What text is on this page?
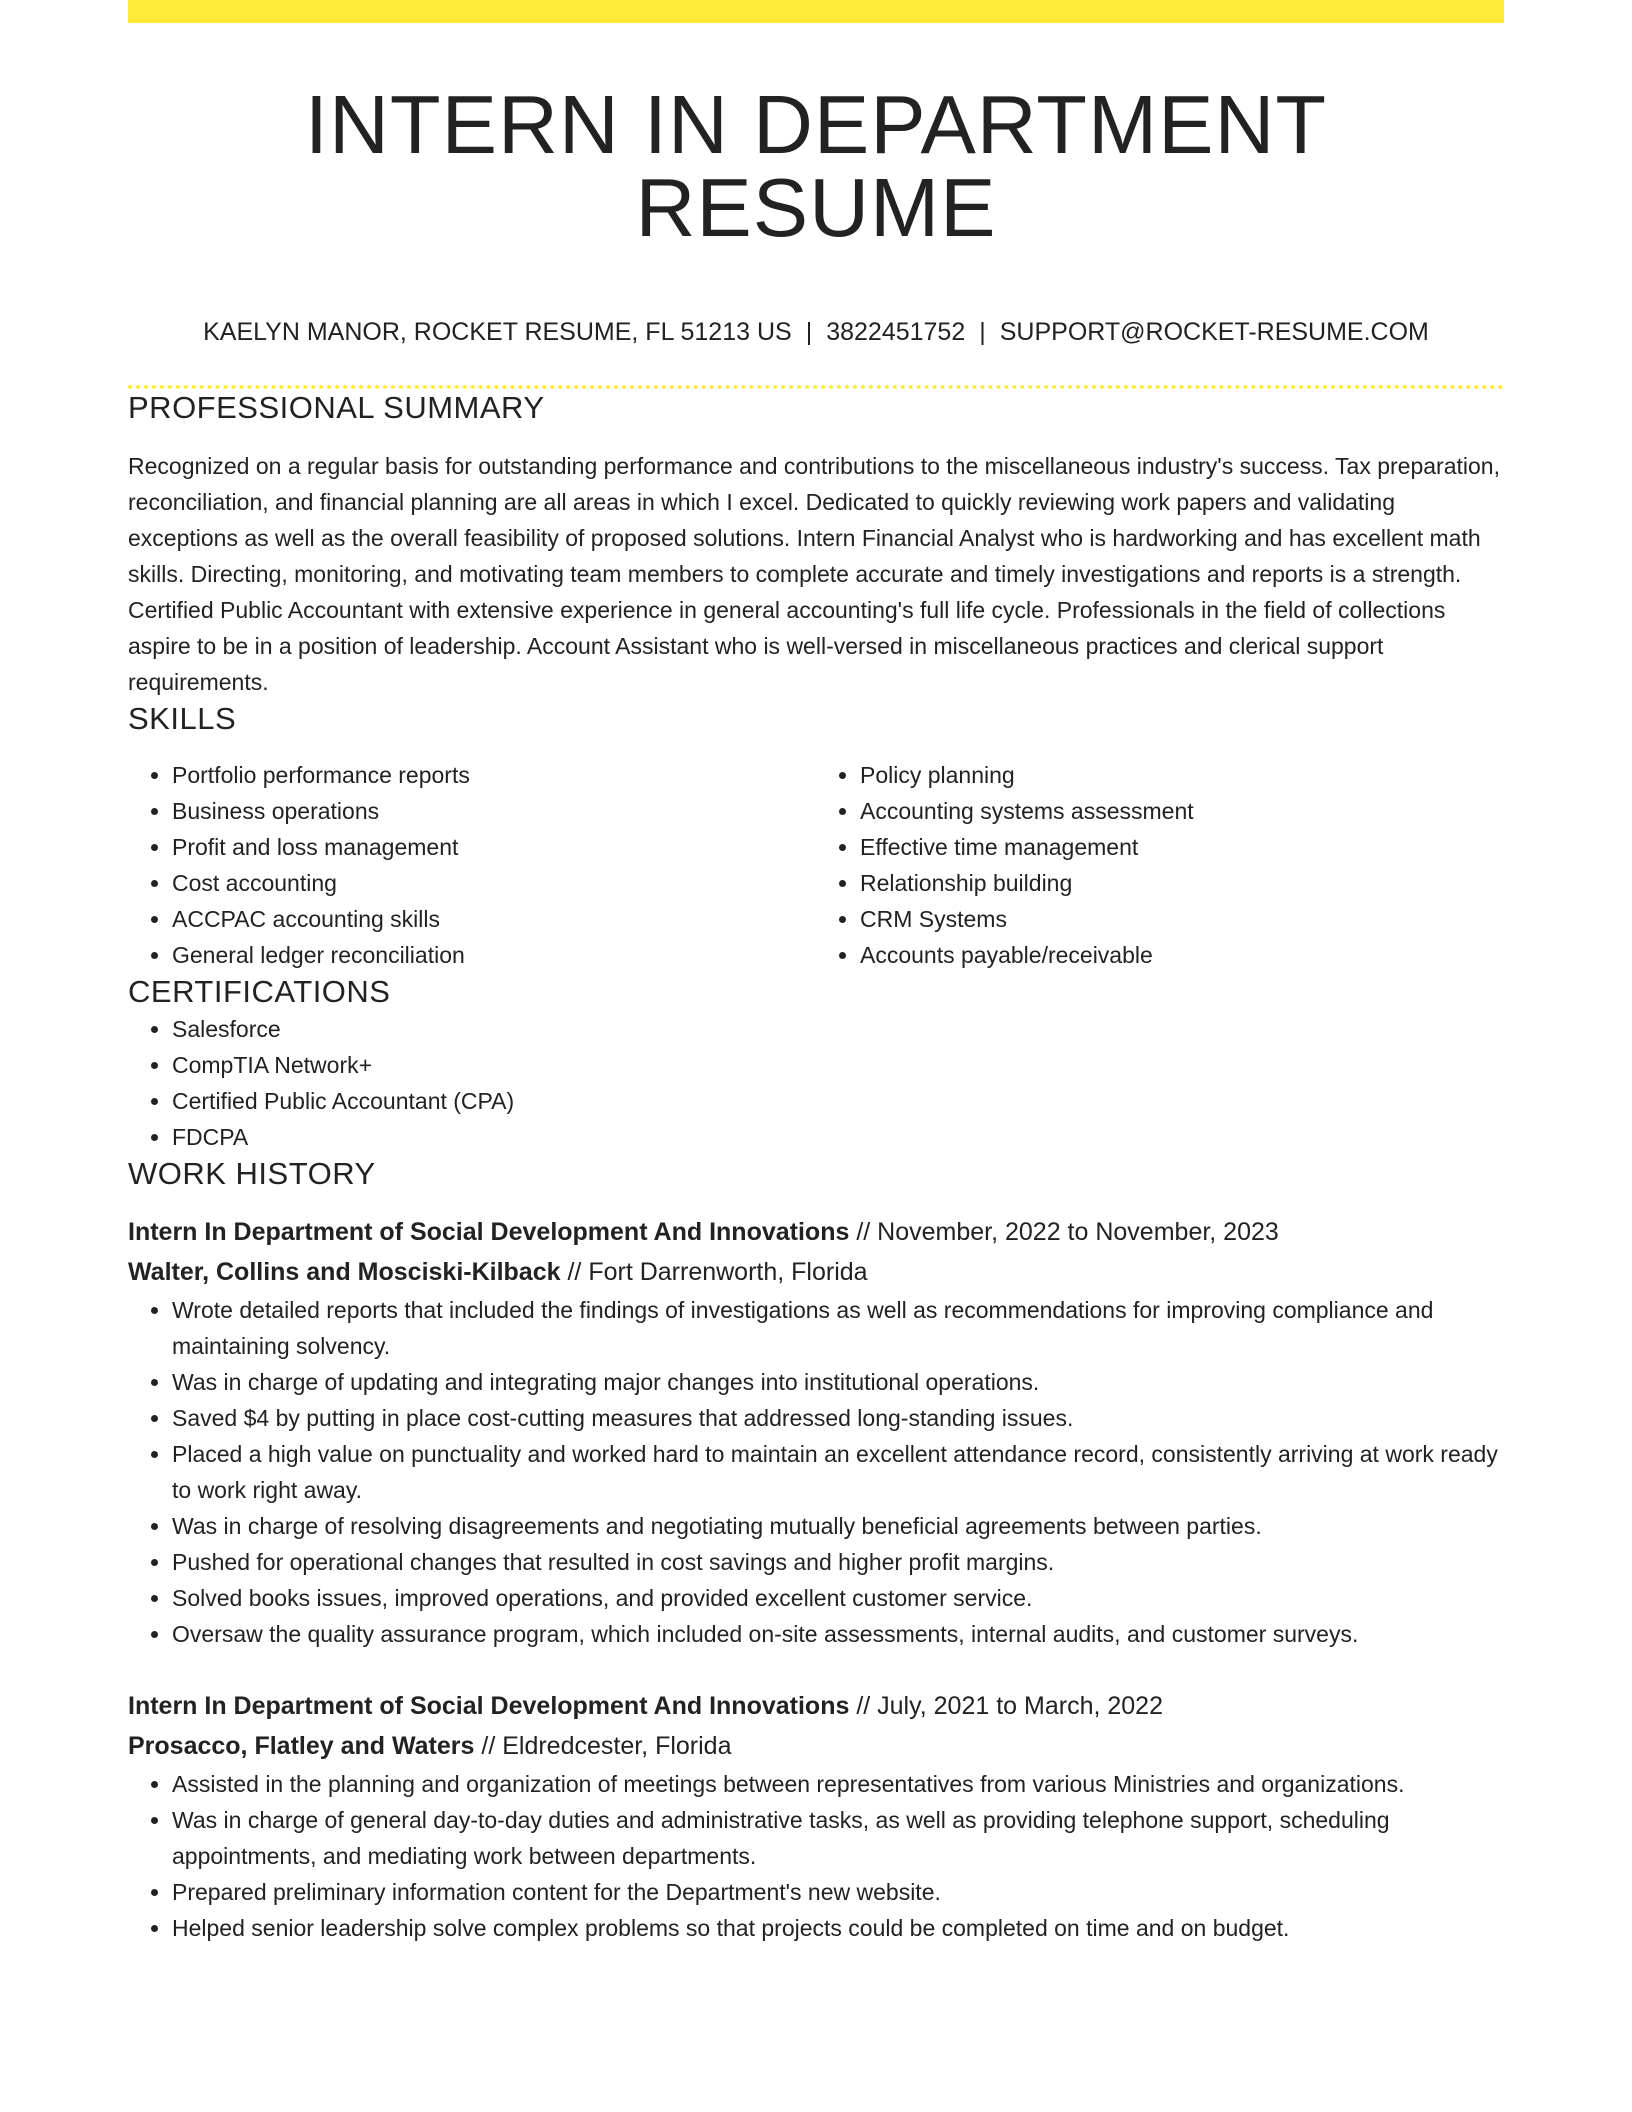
INTERN IN DEPARTMENT RESUME
KAELYN MANOR, ROCKET RESUME, FL 51213 US | 3822451752 | SUPPORT@ROCKET-RESUME.COM
PROFESSIONAL SUMMARY

Recognized on a regular basis for outstanding performance and contributions to the miscellaneous industry's success. Tax preparation, reconciliation, and financial planning are all areas in which I excel. Dedicated to quickly reviewing work papers and validating exceptions as well as the overall feasibility of proposed solutions. Intern Financial Analyst who is hardworking and has excellent math skills. Directing, monitoring, and motivating team members to complete accurate and timely investigations and reports is a strength. Certified Public Accountant with extensive experience in general accounting's full life cycle. Professionals in the field of collections aspire to be in a position of leadership. Account Assistant who is well-versed in miscellaneous practices and clerical support requirements.

SKILLS
• Portfolio performance reports
• Business operations
• Profit and loss management
• Cost accounting
• ACCPAC accounting skills
• General ledger reconciliation
• Policy planning
• Accounting systems assessment
• Effective time management
• Relationship building
• CRM Systems
• Accounts payable/receivable
CERTIFICATIONS
• Salesforce
• CompTIA Network+
• Certified Public Accountant (CPA)
• FDCPA
WORK HISTORY
Intern In Department of Social Development And Innovations // November, 2022 to November, 2023
Walter, Collins and Mosciski-Kilback // Fort Darrenworth, Florida
• Wrote detailed reports that included the findings of investigations as well as recommendations for improving compliance and maintaining solvency.
• Was in charge of updating and integrating major changes into institutional operations.
• Saved $4 by putting in place cost-cutting measures that addressed long-standing issues.
• Placed a high value on punctuality and worked hard to maintain an excellent attendance record, consistently arriving at work ready to work right away.
• Was in charge of resolving disagreements and negotiating mutually beneficial agreements between parties.
• Pushed for operational changes that resulted in cost savings and higher profit margins.
• Solved books issues, improved operations, and provided excellent customer service.
• Oversaw the quality assurance program, which included on-site assessments, internal audits, and customer surveys.
Intern In Department of Social Development And Innovations // July, 2021 to March, 2022
Prosacco, Flatley and Waters // Eldredcester, Florida
• Assisted in the planning and organization of meetings between representatives from various Ministries and organizations.
• Was in charge of general day-to-day duties and administrative tasks, as well as providing telephone support, scheduling appointments, and mediating work between departments.
• Prepared preliminary information content for the Department's new website.
• Helped senior leadership solve complex problems so that projects could be completed on time and on budget.
